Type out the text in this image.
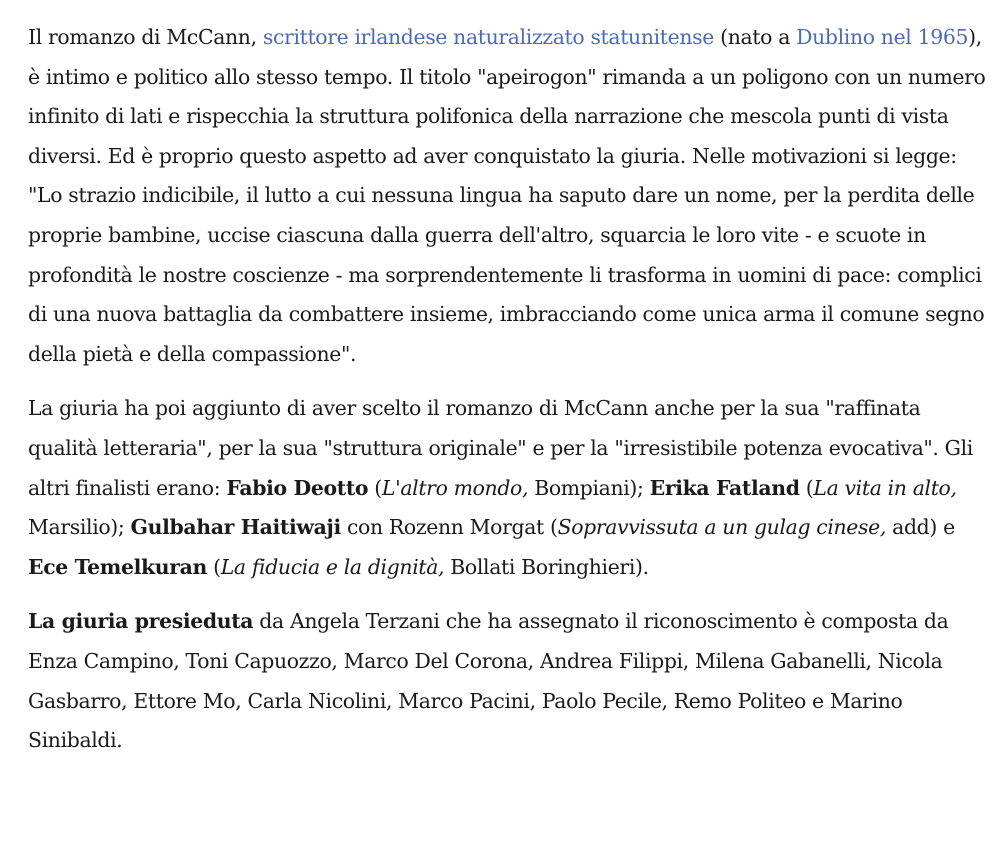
Il romanzo di McCann, scrittore irlandese naturalizzato statunitense (nato a Dublino nel 1965), è intimo e politico allo stesso tempo. Il titolo "apeirogon" rimanda a un poligono con un numero infinito di lati e rispecchia la struttura polifonica della narrazione che mescola punti di vista diversi. Ed è proprio questo aspetto ad aver conquistato la giuria. Nelle motivazioni si legge: "Lo strazio indicibile, il lutto a cui nessuna lingua ha saputo dare un nome, per la perdita delle proprie bambine, uccise ciascuna dalla guerra dell'altro, squarcia le loro vite - e scuote in profondità le nostre coscienze - ma sorprendentemente li trasforma in uomini di pace: complici di una nuova battaglia da combattere insieme, imbracciando come unica arma il comune segno della pietà e della compassione".

La giuria ha poi aggiunto di aver scelto il romanzo di McCann anche per la sua "raffinata qualità letteraria", per la sua "struttura originale" e per la "irresistibile potenza evocativa". Gli altri finalisti erano: Fabio Deotto (L'altro mondo, Bompiani); Erika Fatland (La vita in alto, Marsilio); Gulbahar Haitiwaji con Rozenn Morgat (Sopravvissuta a un gulag cinese, add) e Ece Temelkuran (La fiducia e la dignità, Bollati Boringhieri).

La giuria presieduta da Angela Terzani che ha assegnato il riconoscimento è composta da Enza Campino, Toni Capuozzo, Marco Del Corona, Andrea Filippi, Milena Gabanelli, Nicola Gasbarro, Ettore Mo, Carla Nicolini, Marco Pacini, Paolo Pecile, Remo Politeo e Marino Sinibaldi.
